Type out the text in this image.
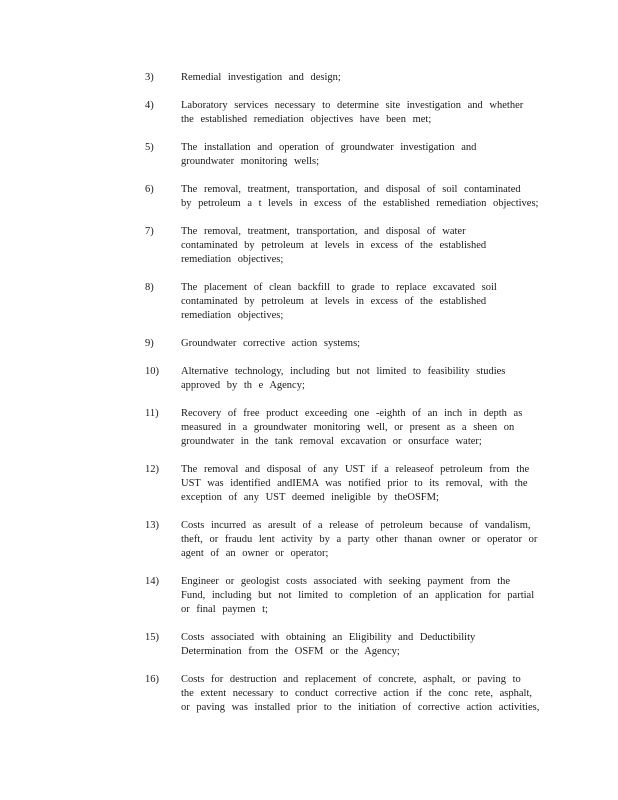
3)	Remedial investigation and design;
4)	Laboratory services necessary to determine site investigation and whether
the established remediation objectives have been met;
5)	The installation and operation of groundwater investigation and
groundwater monitoring wells;
6)	The removal, treatment, transportation, and disposal of soil contaminated
by petroleum a t levels in excess of the established remediation objectives;
7)	The removal, treatment, transportation, and disposal of water
contaminated by petroleum at levels in excess of the established
remediation objectives;
8)	The placement of clean backfill to grade to replace excavated soil
contaminated by petroleum at levels in excess of the established
remediation objectives;
9)	Groundwater corrective action systems;
10)	Alternative technology, including but not limited to feasibility studies
approved by th e Agency;
11)	Recovery of free product exceeding one -eighth of an inch in depth as
measured in a groundwater monitoring well, or present as a sheen on
groundwater in the tank removal excavation or onsurface water;
12)	The removal and disposal of any UST if a releaseof petroleum from the
UST was identified andIEMA was notified prior to its removal, with the
exception of any UST deemed ineligible by theOSFM;
13)	Costs incurred as aresult of a release of petroleum because of vandalism,
theft, or fraudu lent activity by a party other thanan owner or operator or
agent of an owner or operator;
14)	Engineer or geologist costs associated with seeking payment from the
Fund, including but not limited to completion of an application for partial
or final paymen t;
15)	Costs associated with obtaining an Eligibility and Deductibility
Determination from the OSFM or the Agency;
16)	Costs for destruction and replacement of concrete, asphalt, or paving to
the extent necessary to conduct corrective action if the conc rete, asphalt,
or paving was installed prior to the initiation of corrective action activities,
